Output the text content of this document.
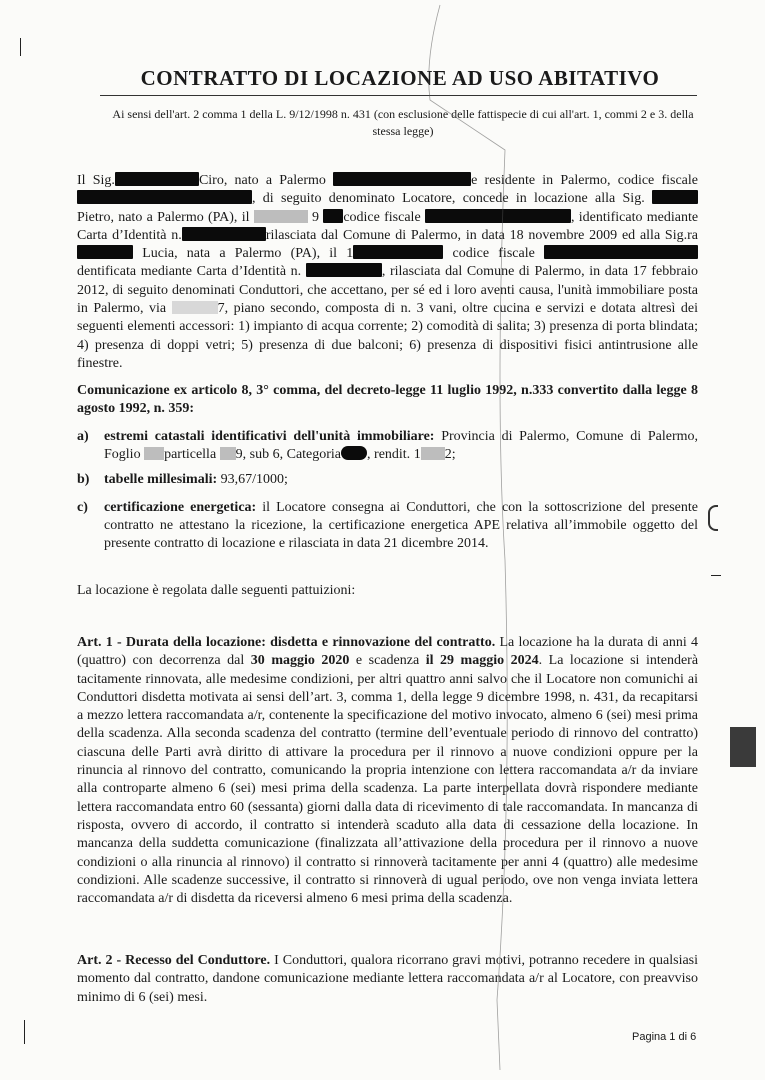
CONTRATTO DI LOCAZIONE AD USO ABITATIVO
Ai sensi dell'art. 2 comma 1 della L. 9/12/1998 n. 431 (con esclusione delle fattispecie di cui all'art. 1, commi 2 e 3. della stessa legge)
Il Sig.	Ciro, nato a Palermo	e residente in Palermo, codice fiscale , di seguito denominato Locatore, concede in locazione alla Sig.  Pietro, nato a Palermo (PA), il	9 codice fiscale	, identificato mediante Carta d’Identità n.	rilasciata dal Comune di Palermo, in data 18 novembre 2009 ed alla Sig.ra  Lucia, nata a Palermo (PA), il 1	codice fiscale dentificata mediante Carta d’Identità n.	, rilasciata dal Comune di Palermo, in data 17 febbraio 2012, di seguito denominati Conduttori, che accettano, per sé ed i loro aventi causa, l'unità immobiliare posta in Palermo, via	7, piano secondo, composta di n. 3 vani, oltre cucina e servizi e dotata altresì dei seguenti elementi accessori: 1) impianto di acqua corrente; 2) comodità di salita; 3) presenza di porta blindata; 4) presenza di doppi vetri; 5) presenza di due balconi; 6) presenza di dispositivi fisici antintrusione alle finestre.
Comunicazione ex articolo 8, 3° comma, del decreto-legge 11 luglio 1992, n.333 convertito dalla legge 8 agosto 1992, n. 359:
a) estremi catastali identificativi dell'unità immobiliare: Provincia di Palermo, Comune di Palermo, Foglio particella 9, sub 6, Categoria , rendit. 1 2;
b) tabelle millesimali: 93,67/1000;
c) certificazione energetica: il Locatore consegna ai Conduttori, che con la sottoscrizione del presente contratto ne attestano la ricezione, la certificazione energetica APE relativa all’immobile oggetto del presente contratto di locazione e rilasciata in data 21 dicembre 2014.
La locazione è regolata dalle seguenti pattuizioni:
Art. 1 - Durata della locazione: disdetta e rinnovazione del contratto. La locazione ha la durata di anni 4 (quattro) con decorrenza dal 30 maggio 2020 e scadenza il 29 maggio 2024. La locazione si intenderà tacitamente rinnovata, alle medesime condizioni, per altri quattro anni salvo che il Locatore non comunichi ai Conduttori disdetta motivata ai sensi dell’art. 3, comma 1, della legge 9 dicembre 1998, n. 431, da recapitarsi a mezzo lettera raccomandata a/r, contenente la specificazione del motivo invocato, almeno 6 (sei) mesi prima della scadenza. Alla seconda scadenza del contratto (termine dell’eventuale periodo di rinnovo del contratto) ciascuna delle Parti avrà diritto di attivare la procedura per il rinnovo a nuove condizioni oppure per la rinuncia al rinnovo del contratto, comunicando la propria intenzione con lettera raccomandata a/r da inviare alla controparte almeno 6 (sei) mesi prima della scadenza. La parte interpellata dovrà rispondere mediante lettera raccomandata entro 60 (sessanta) giorni dalla data di ricevimento di tale raccomandata. In mancanza di risposta, ovvero di accordo, il contratto si intenderà scaduto alla data di cessazione della locazione. In mancanza della suddetta comunicazione (finalizzata all’attivazione della procedura per il rinnovo a nuove condizioni o alla rinuncia al rinnovo) il contratto si rinnoverà tacitamente per anni 4 (quattro) alle medesime condizioni. Alle scadenze successive, il contratto si rinnoverà di ugual periodo, ove non venga inviata lettera raccomandata a/r di disdetta da riceversi almeno 6 mesi prima della scadenza.
Art. 2 - Recesso del Conduttore. I Conduttori, qualora ricorrano gravi motivi, potranno recedere in qualsiasi momento dal contratto, dandone comunicazione mediante lettera raccomandata a/r al Locatore, con preavviso minimo di 6 (sei) mesi.
Pagina 1 di 6
